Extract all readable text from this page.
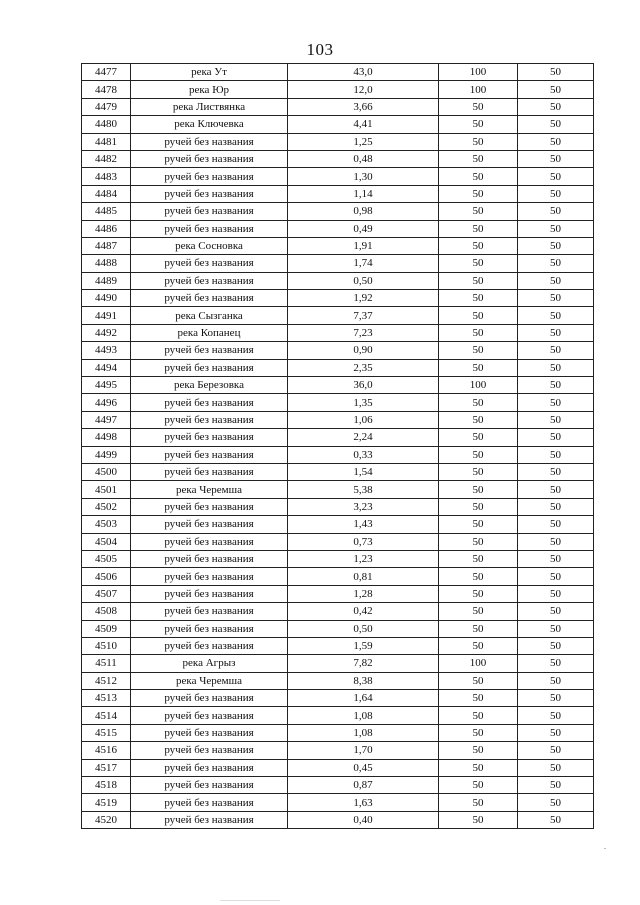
103
4477	река Ут	43,0	100	50
4478	река Юр	12,0	100	50
4479	река Листвянка	3,66	50	50
4480	река Ключевка	4,41	50	50
4481	ручей без названия	1,25	50	50
4482	ручей без названия	0,48	50	50
4483	ручей без названия	1,30	50	50
4484	ручей без названия	1,14	50	50
4485	ручей без названия	0,98	50	50
4486	ручей без названия	0,49	50	50
4487	река Сосновка	1,91	50	50
4488	ручей без названия	1,74	50	50
4489	ручей без названия	0,50	50	50
4490	ручей без названия	1,92	50	50
4491	река Сызганка	7,37	50	50
4492	река Копанец	7,23	50	50
4493	ручей без названия	0,90	50	50
4494	ручей без названия	2,35	50	50
4495	река Березовка	36,0	100	50
4496	ручей без названия	1,35	50	50
4497	ручей без названия	1,06	50	50
4498	ручей без названия	2,24	50	50
4499	ручей без названия	0,33	50	50
4500	ручей без названия	1,54	50	50
4501	река Черемша	5,38	50	50
4502	ручей без названия	3,23	50	50
4503	ручей без названия	1,43	50	50
4504	ручей без названия	0,73	50	50
4505	ручей без названия	1,23	50	50
4506	ручей без названия	0,81	50	50
4507	ручей без названия	1,28	50	50
4508	ручей без названия	0,42	50	50
4509	ручей без названия	0,50	50	50
4510	ручей без названия	1,59	50	50
4511	река Агрыз	7,82	100	50
4512	река Черемша	8,38	50	50
4513	ручей без названия	1,64	50	50
4514	ручей без названия	1,08	50	50
4515	ручей без названия	1,08	50	50
4516	ручей без названия	1,70	50	50
4517	ручей без названия	0,45	50	50
4518	ручей без названия	0,87	50	50
4519	ручей без названия	1,63	50	50
4520	ручей без названия	0,40	50	50
